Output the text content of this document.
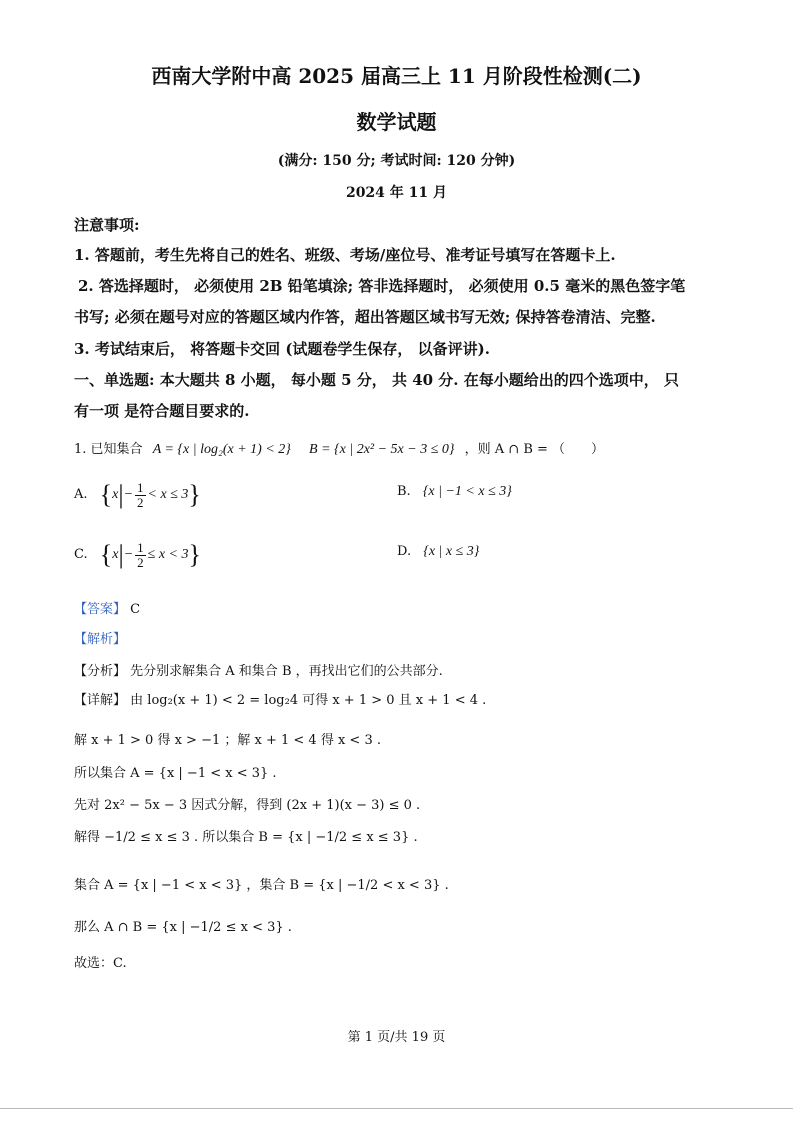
西南大学附中高 2025 届高三上 11 月阶段性检测(二)
数学试题
(满分: 150 分; 考试时间: 120 分钟)
2024 年 11 月
注意事项:
1. 答题前，考生先将自己的姓名、班级、考场/座位号、准考证号填写在答题卡上.
2. 答选择题时， 必须使用 2B 铅笔填涂; 答非选择题时， 必须使用 0.5 毫米的黑色签字笔
书写; 必须在题号对应的答题区域内作答，超出答题区域书写无效; 保持答卷清洁、完整.
3. 考试结束后， 将答题卡交回 (试题卷学生保存， 以备评讲).
一、单选题: 本大题共 8 小题， 每小题 5 分， 共 40 分. 在每小题给出的四个选项中， 只
有一项 是符合题目要求的.
1. 已知集合 A = {x | log₂(x + 1) < 2} B = {x | 2x² − 5x − 3 ≤ 0} ，则 A ∩ B = （　　）
A. $\{x|- \frac{1}{2} < x \le 3\}$	B. {x | −1 < x ≤ 3}
C. $\{x|- \frac{1}{2} \le x < 3\}$	D. {x | x ≤ 3}
【答案】 C
【解析】
【分析】 先分别求解集合 A 和集合 B ，再找出它们的公共部分.
【详解】 由 log₂(x + 1) < 2 = log₂4 可得 x + 1 > 0 且 x + 1 < 4 .
解 x + 1 > 0 得 x > −1 ；解 x + 1 < 4 得 x < 3 .
所以集合 A = {x | −1 < x < 3} .
先对 2x² − 5x − 3 因式分解，得到 (2x + 1)(x − 3) ≤ 0 .
解得 −1/2 ≤ x ≤ 3 . 所以集合 B = {x | −1/2 ≤ x ≤ 3} .
集合 A = {x | −1 < x < 3} ，集合 B = {x | −1/2 < x < 3} .
那么 A ∩ B = {x | −1/2 ≤ x < 3} .
故选：C.
第 1 页/共 19 页
